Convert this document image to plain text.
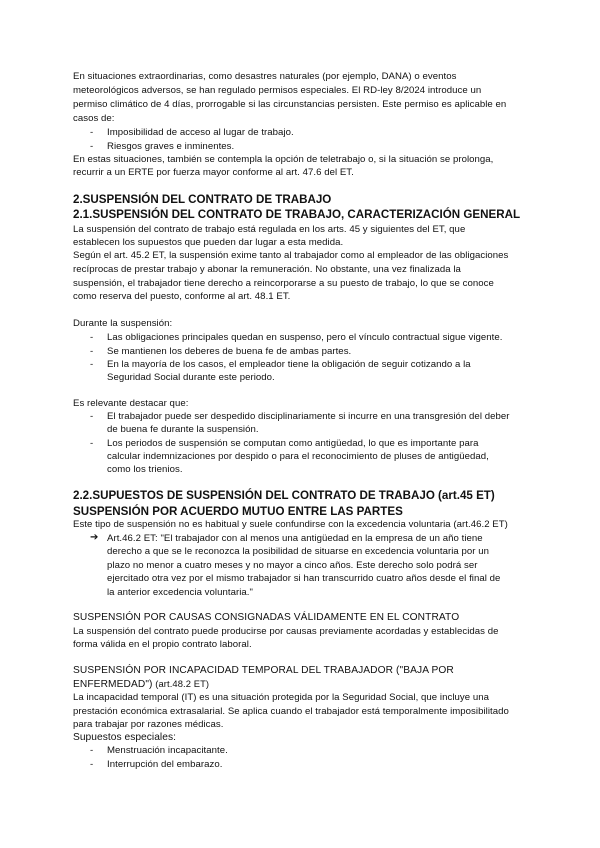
En situaciones extraordinarias, como desastres naturales (por ejemplo, DANA) o eventos
meteorológicos adversos, se han regulado permisos especiales. El RD-ley 8/2024 introduce un
permiso climático de 4 días, prorrogable si las circunstancias persisten. Este permiso es aplicable en
casos de:
- Imposibilidad de acceso al lugar de trabajo.
- Riesgos graves e inminentes.
En estas situaciones, también se contempla la opción de teletrabajo o, si la situación se prolonga,
recurrir a un ERTE por fuerza mayor conforme al art. 47.6 del ET.
2.SUSPENSIÓN DEL CONTRATO DE TRABAJO
2.1.SUSPENSIÓN DEL CONTRATO DE TRABAJO, CARACTERIZACIÓN GENERAL
La suspensión del contrato de trabajo está regulada en los arts. 45 y siguientes del ET, que
establecen los supuestos que pueden dar lugar a esta medida.
Según el art. 45.2 ET, la suspensión exime tanto al trabajador como al empleador de las obligaciones
recíprocas de prestar trabajo y abonar la remuneración. No obstante, una vez finalizada la
suspensión, el trabajador tiene derecho a reincorporarse a su puesto de trabajo, lo que se conoce
como reserva del puesto, conforme al art. 48.1 ET.
Durante la suspensión:
- Las obligaciones principales quedan en suspenso, pero el vínculo contractual sigue vigente.
- Se mantienen los deberes de buena fe de ambas partes.
- En la mayoría de los casos, el empleador tiene la obligación de seguir cotizando a la
Seguridad Social durante este periodo.
Es relevante destacar que:
- El trabajador puede ser despedido disciplinariamente si incurre en una transgresión del deber
de buena fe durante la suspensión.
- Los periodos de suspensión se computan como antigüedad, lo que es importante para
calcular indemnizaciones por despido o para el reconocimiento de pluses de antigüedad,
como los trienios.
2.2.SUPUESTOS DE SUSPENSIÓN DEL CONTRATO DE TRABAJO (art.45 ET)
SUSPENSIÓN POR ACUERDO MUTUO ENTRE LAS PARTES
Este tipo de suspensión no es habitual y suele confundirse con la excedencia voluntaria (art.46.2 ET)
➔ Art.46.2 ET: "El trabajador con al menos una antigüedad en la empresa de un año tiene
derecho a que se le reconozca la posibilidad de situarse en excedencia voluntaria por un
plazo no menor a cuatro meses y no mayor a cinco años. Este derecho solo podrá ser
ejercitado otra vez por el mismo trabajador si han transcurrido cuatro años desde el final de
la anterior excedencia voluntaria."
SUSPENSIÓN POR CAUSAS CONSIGNADAS VÁLIDAMENTE EN EL CONTRATO
La suspensión del contrato puede producirse por causas previamente acordadas y establecidas de
forma válida en el propio contrato laboral.
SUSPENSIÓN POR INCAPACIDAD TEMPORAL DEL TRABAJADOR ("BAJA POR
ENFERMEDAD") (art.48.2 ET)
La incapacidad temporal (IT) es una situación protegida por la Seguridad Social, que incluye una
prestación económica extrasalarial. Se aplica cuando el trabajador está temporalmente imposibilitado
para trabajar por razones médicas.
Supuestos especiales:
- Menstruación incapacitante.
- Interrupción del embarazo.
